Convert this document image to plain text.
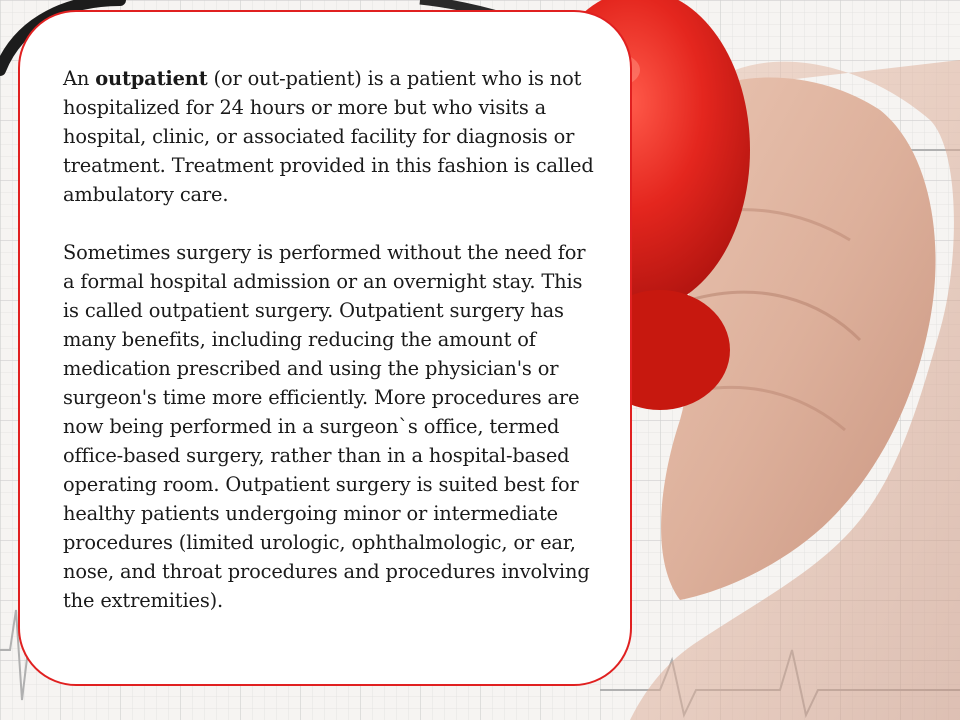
An outpatient (or out-patient) is a patient who is not hospitalized for 24 hours or more but who visits a hospital, clinic, or associated facility for diagnosis or treatment. Treatment provided in this fashion is called ambulatory care.

Sometimes surgery is performed without the need for a formal hospital admission or an overnight stay. This is called outpatient surgery. Outpatient surgery has many benefits, including reducing the amount of medication prescribed and using the physician's or surgeon's time more efficiently. More procedures are now being performed in a surgeon`s office, termed office-based surgery, rather than in a hospital-based operating room. Outpatient surgery is suited best for healthy patients undergoing minor or intermediate procedures (limited urologic, ophthalmologic, or ear, nose, and throat procedures and procedures involving the extremities).
